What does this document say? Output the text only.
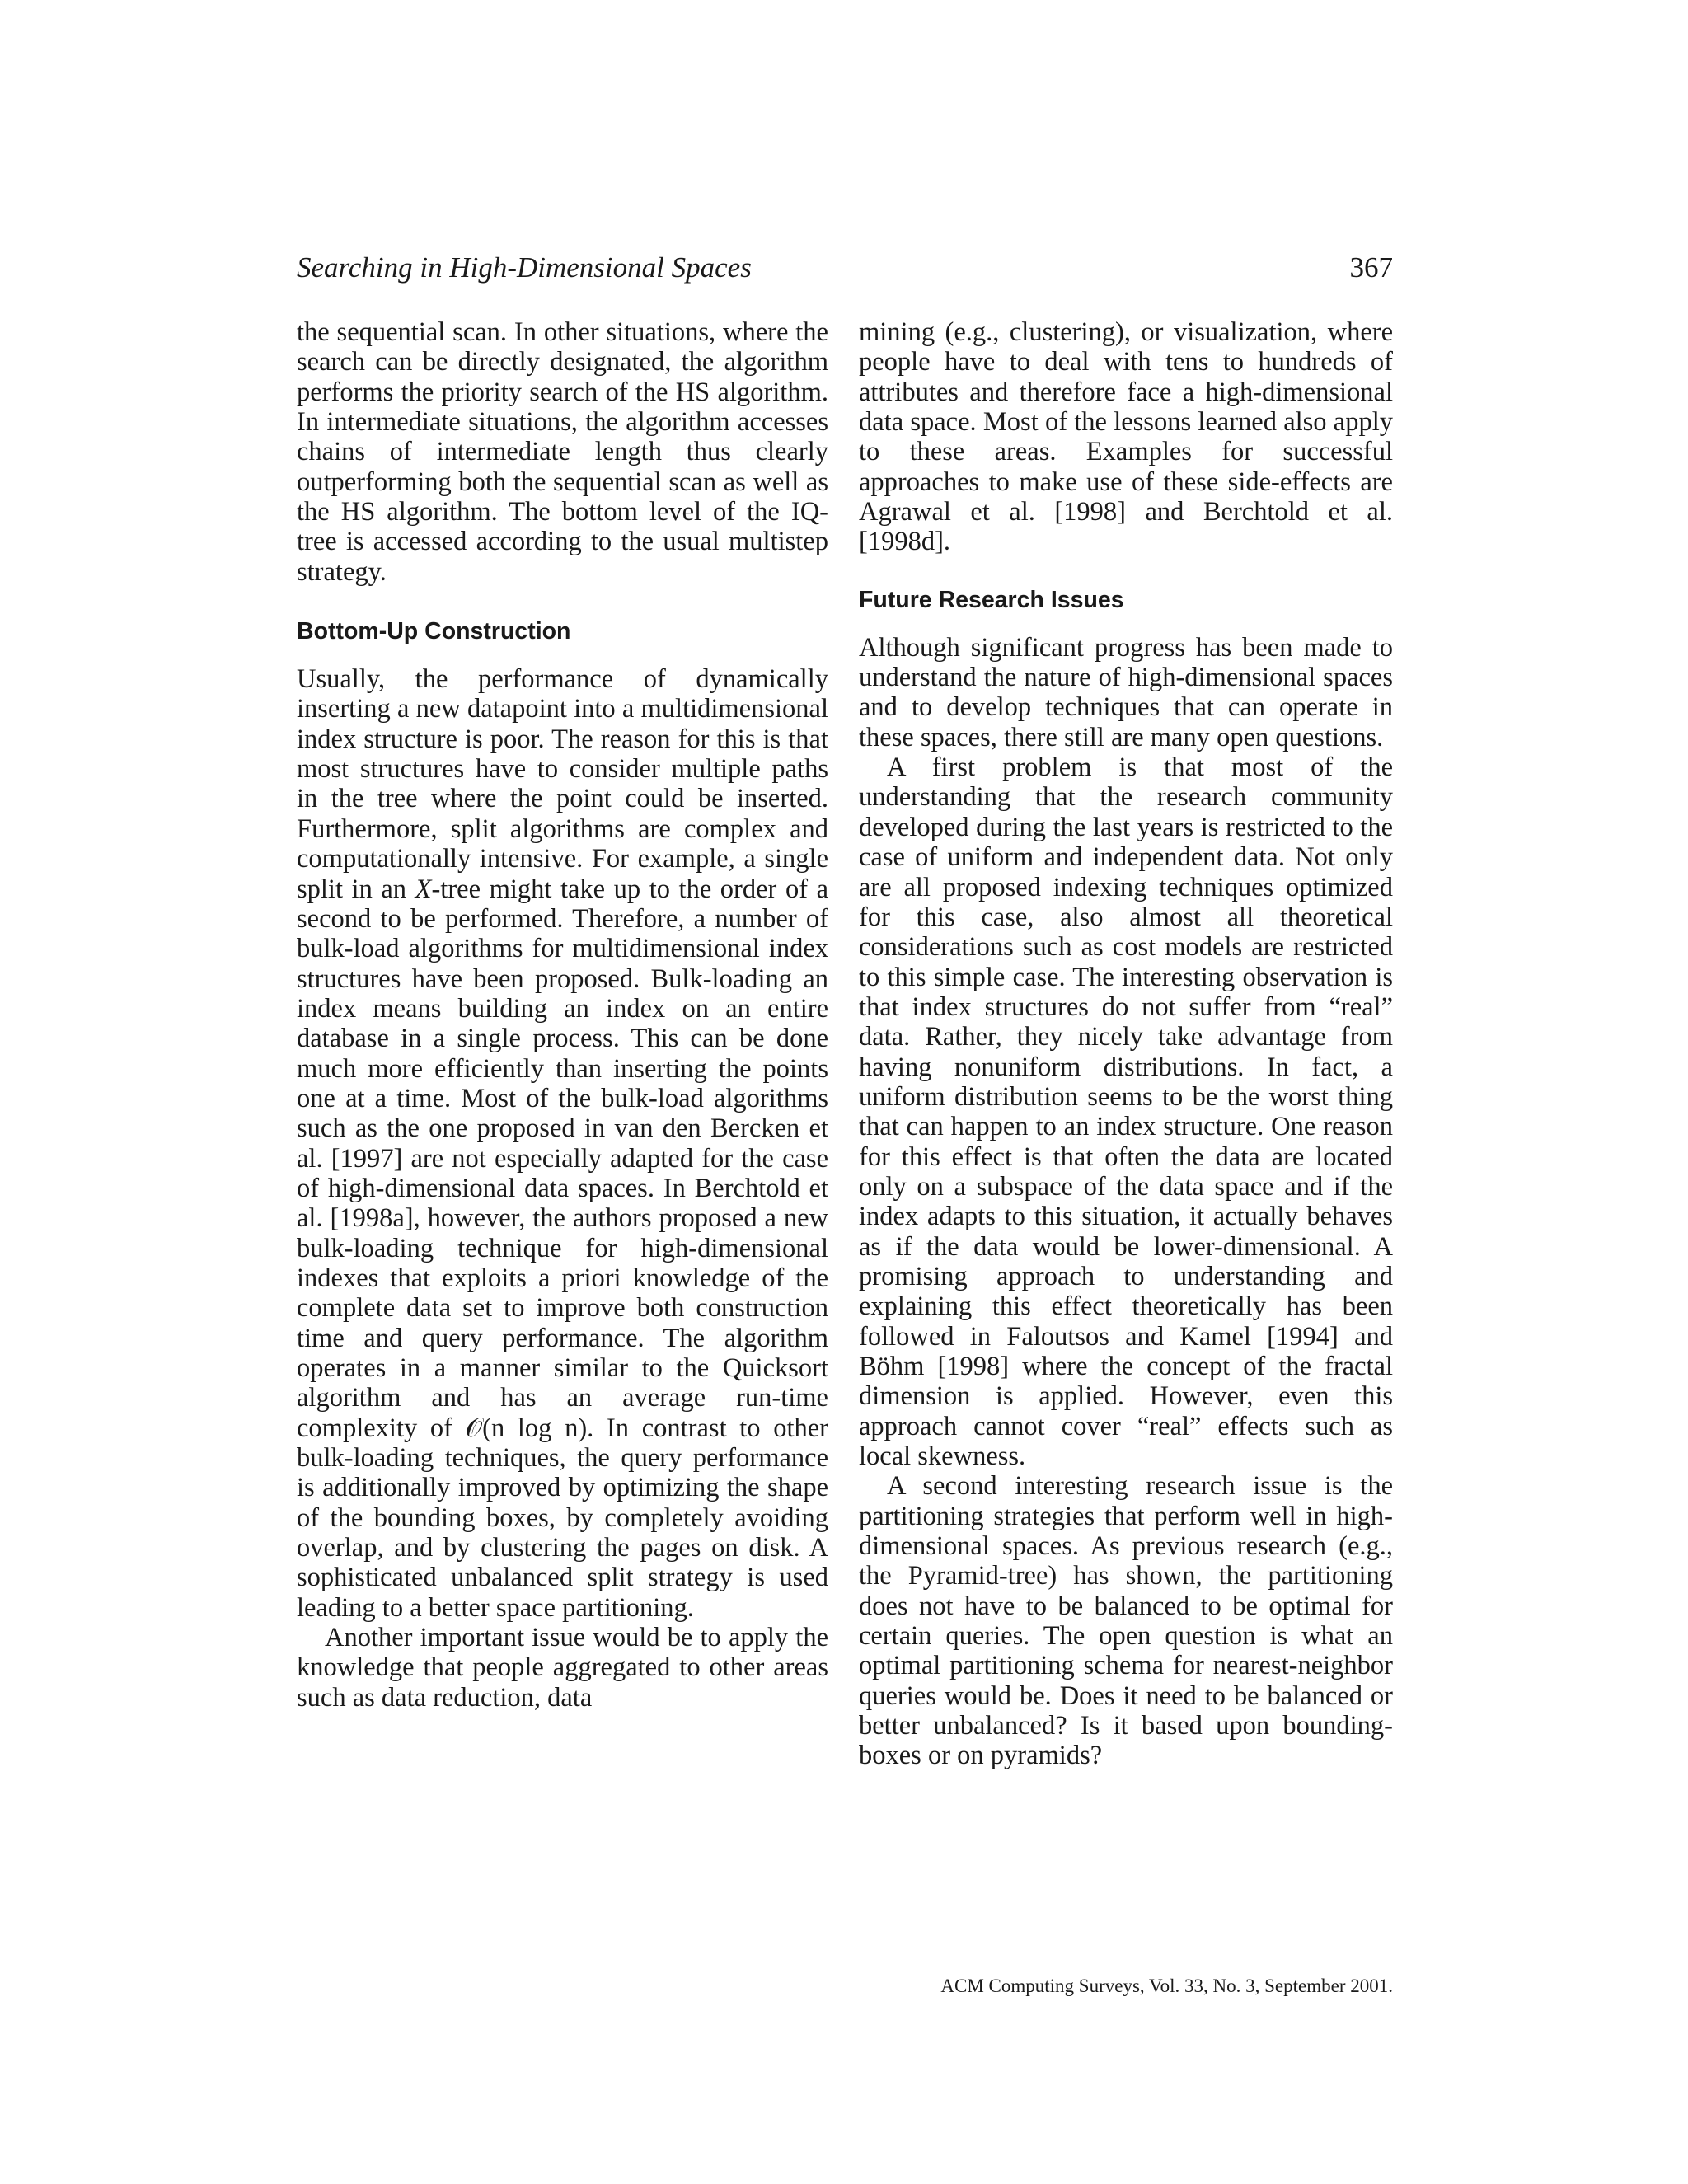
Searching in High-Dimensional Spaces	367

the sequential scan. In other situations, where the search can be directly designated, the algorithm performs the priority search of the HS algorithm. In intermediate situations, the algorithm accesses chains of intermediate length thus clearly outperforming both the sequential scan as well as the HS algorithm. The bottom level of the IQ-tree is accessed according to the usual multistep strategy.

Bottom-Up Construction

Usually, the performance of dynamically inserting a new datapoint into a multidimensional index structure is poor. The reason for this is that most structures have to consider multiple paths in the tree where the point could be inserted. Furthermore, split algorithms are complex and computationally intensive. For example, a single split in an X-tree might take up to the order of a second to be performed. Therefore, a number of bulk-load algorithms for multidimensional index structures have been proposed. Bulk-loading an index means building an index on an entire database in a single process. This can be done much more efficiently than inserting the points one at a time. Most of the bulk-load algorithms such as the one proposed in van den Bercken et al. [1997] are not especially adapted for the case of high-dimensional data spaces. In Berchtold et al. [1998a], however, the authors proposed a new bulk-loading technique for high-dimensional indexes that exploits a priori knowledge of the complete data set to improve both construction time and query performance. The algorithm operates in a manner similar to the Quicksort algorithm and has an average run-time complexity of 𝒪(n log n). In contrast to other bulk-loading techniques, the query performance is additionally improved by optimizing the shape of the bounding boxes, by completely avoiding overlap, and by clustering the pages on disk. A sophisticated unbalanced split strategy is used leading to a better space partitioning.

Another important issue would be to apply the knowledge that people aggregated to other areas such as data reduction, data

mining (e.g., clustering), or visualization, where people have to deal with tens to hundreds of attributes and therefore face a high-dimensional data space. Most of the lessons learned also apply to these areas. Examples for successful approaches to make use of these side-effects are Agrawal et al. [1998] and Berchtold et al. [1998d].

Future Research Issues

Although significant progress has been made to understand the nature of high-dimensional spaces and to develop techniques that can operate in these spaces, there still are many open questions.

A first problem is that most of the understanding that the research community developed during the last years is restricted to the case of uniform and independent data. Not only are all proposed indexing techniques optimized for this case, also almost all theoretical considerations such as cost models are restricted to this simple case. The interesting observation is that index structures do not suffer from “real” data. Rather, they nicely take advantage from having nonuniform distributions. In fact, a uniform distribution seems to be the worst thing that can happen to an index structure. One reason for this effect is that often the data are located only on a subspace of the data space and if the index adapts to this situation, it actually behaves as if the data would be lower-dimensional. A promising approach to understanding and explaining this effect theoretically has been followed in Faloutsos and Kamel [1994] and Böhm [1998] where the concept of the fractal dimension is applied. However, even this approach cannot cover “real” effects such as local skewness.

A second interesting research issue is the partitioning strategies that perform well in high-dimensional spaces. As previous research (e.g., the Pyramid-tree) has shown, the partitioning does not have to be balanced to be optimal for certain queries. The open question is what an optimal partitioning schema for nearest-neighbor queries would be. Does it need to be balanced or better unbalanced? Is it based upon bounding-boxes or on pyramids?

ACM Computing Surveys, Vol. 33, No. 3, September 2001.
